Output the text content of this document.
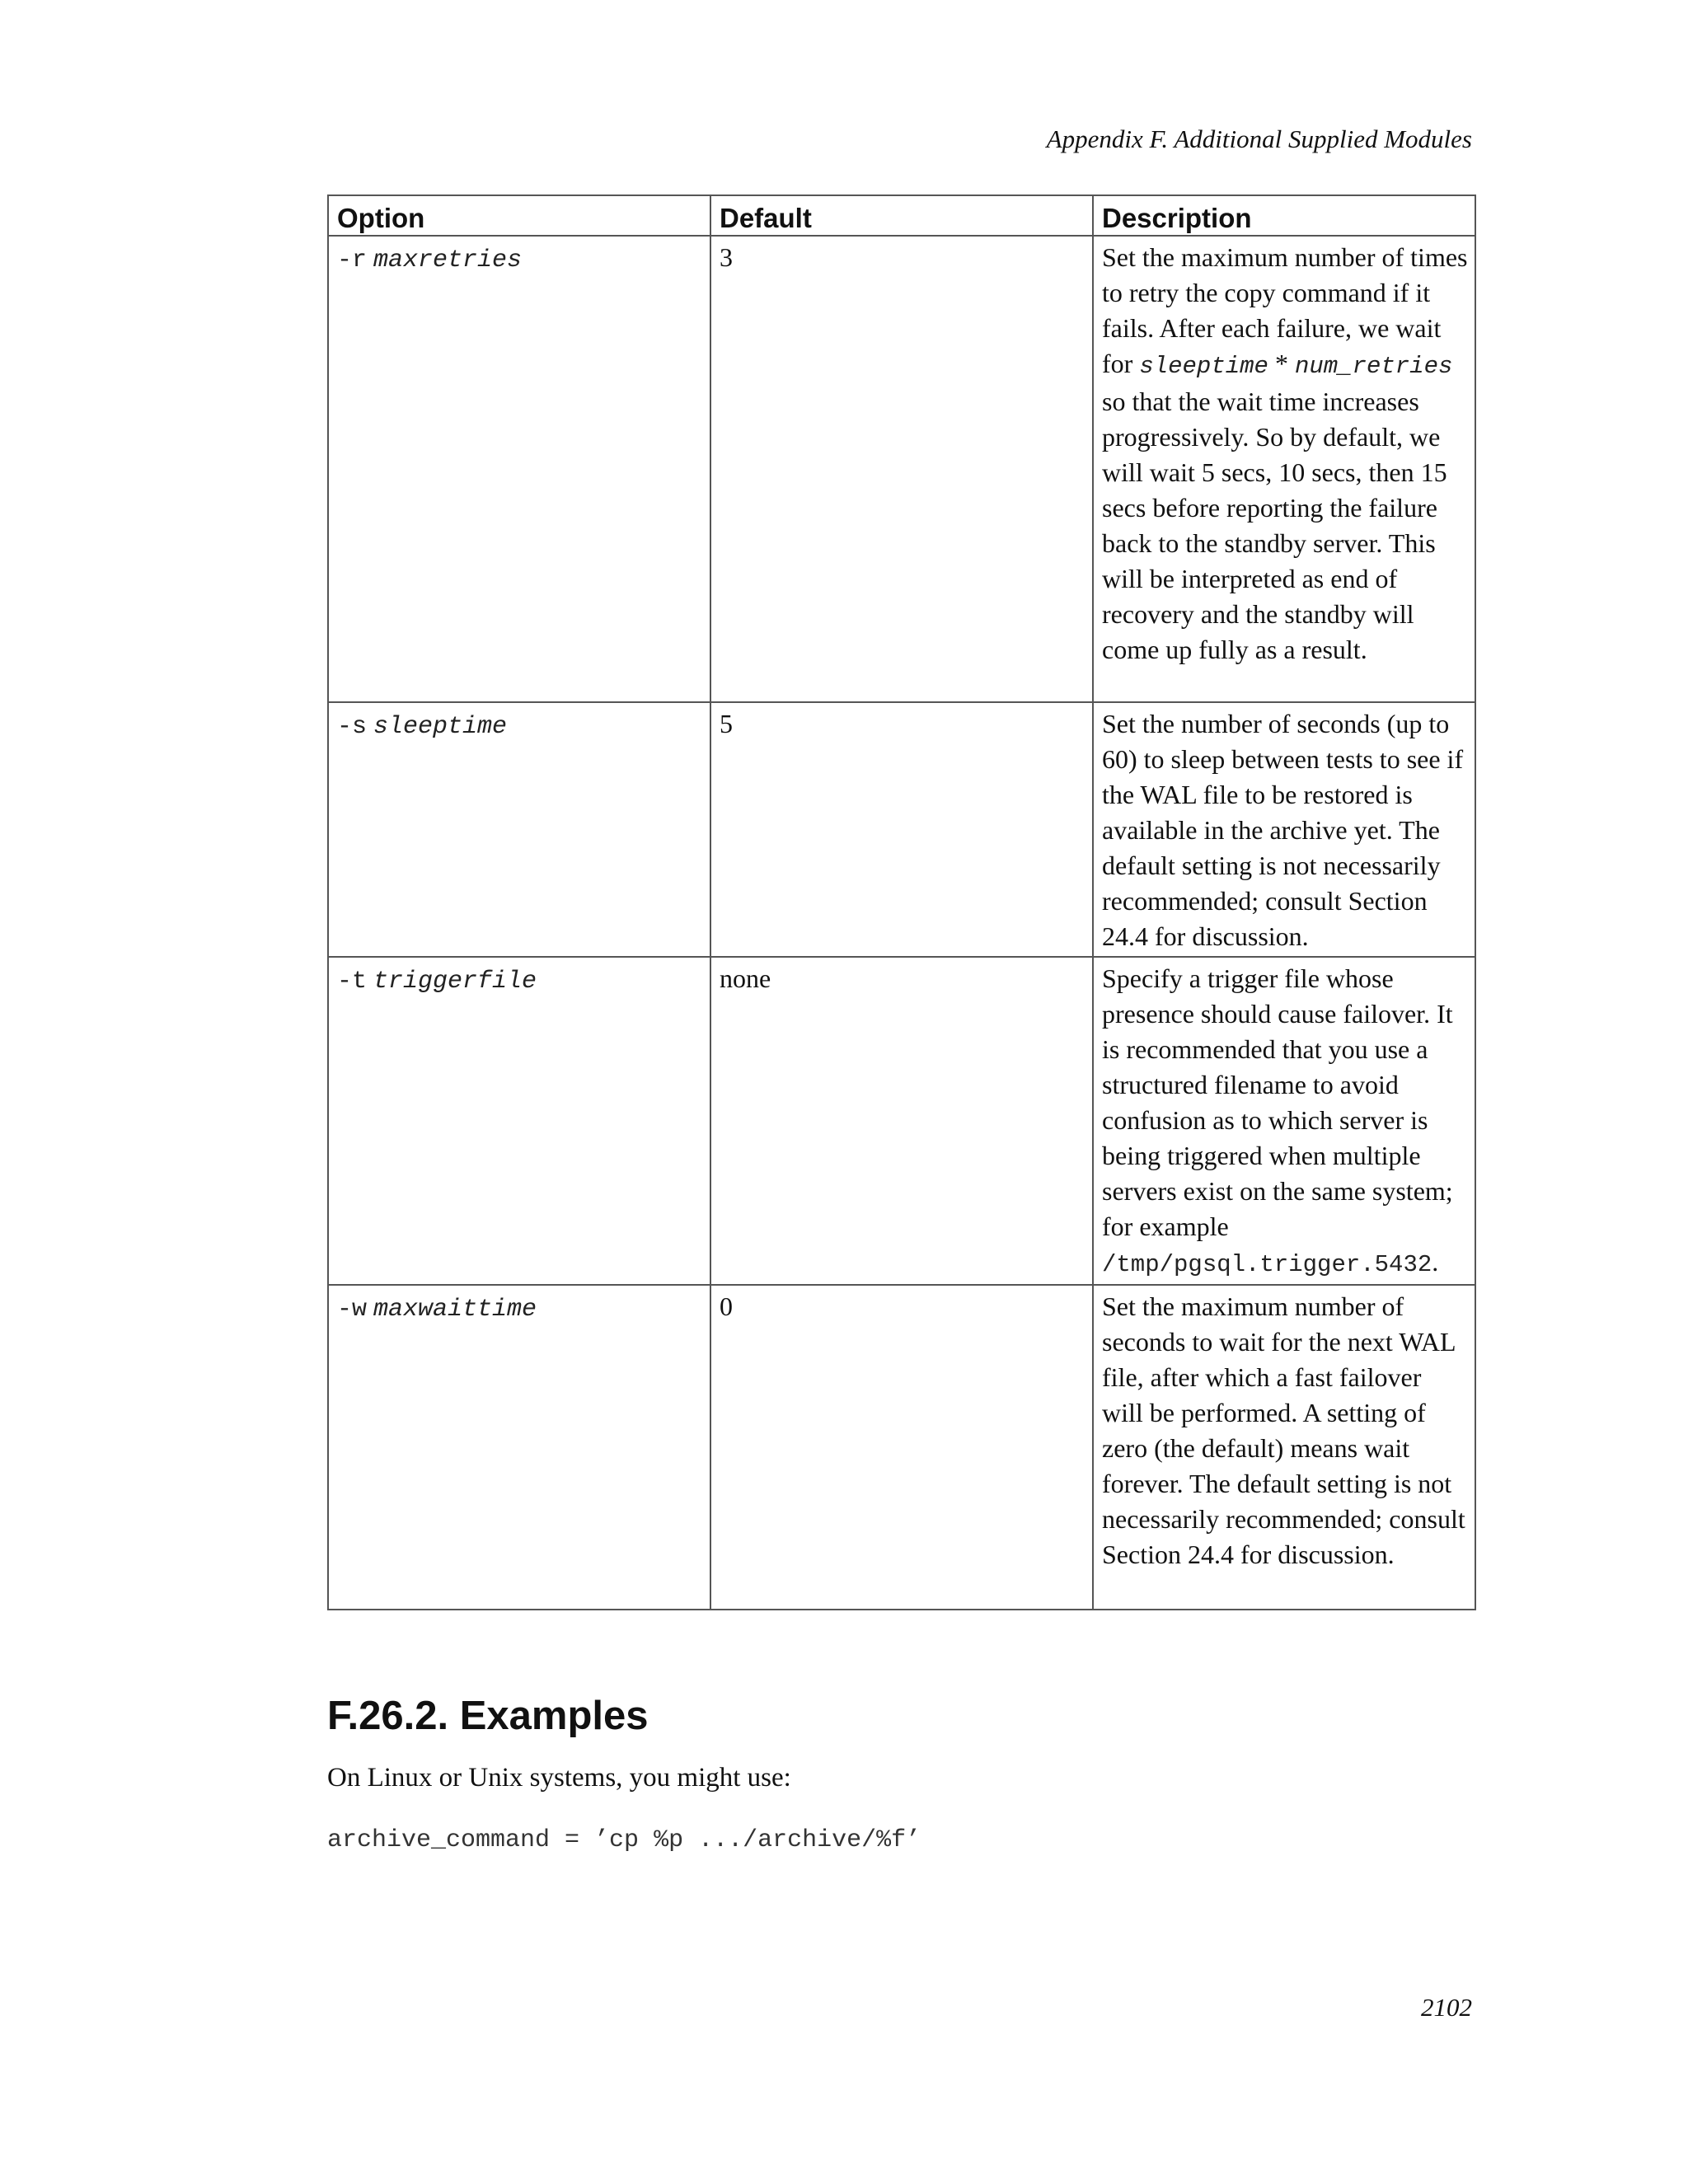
Appendix F. Additional Supplied Modules
Option	Default	Description
-r maxretries	3	Set the maximum number of times to retry the copy command if it fails. After each failure, we wait for sleeptime * num_retries so that the wait time increases progressively. So by default, we will wait 5 secs, 10 secs, then 15 secs before reporting the failure back to the standby server. This will be interpreted as end of recovery and the standby will come up fully as a result.
-s sleeptime	5	Set the number of seconds (up to 60) to sleep between tests to see if the WAL file to be restored is available in the archive yet. The default setting is not necessarily recommended; consult Section 24.4 for discussion.
-t triggerfile	none	Specify a trigger file whose presence should cause failover. It is recommended that you use a structured filename to avoid confusion as to which server is being triggered when multiple servers exist on the same system; for example /tmp/pgsql.trigger.5432.
-w maxwaittime	0	Set the maximum number of seconds to wait for the next WAL file, after which a fast failover will be performed. A setting of zero (the default) means wait forever. The default setting is not necessarily recommended; consult Section 24.4 for discussion.
F.26.2. Examples

On Linux or Unix systems, you might use:

archive_command = ’cp %p .../archive/%f’
2102
